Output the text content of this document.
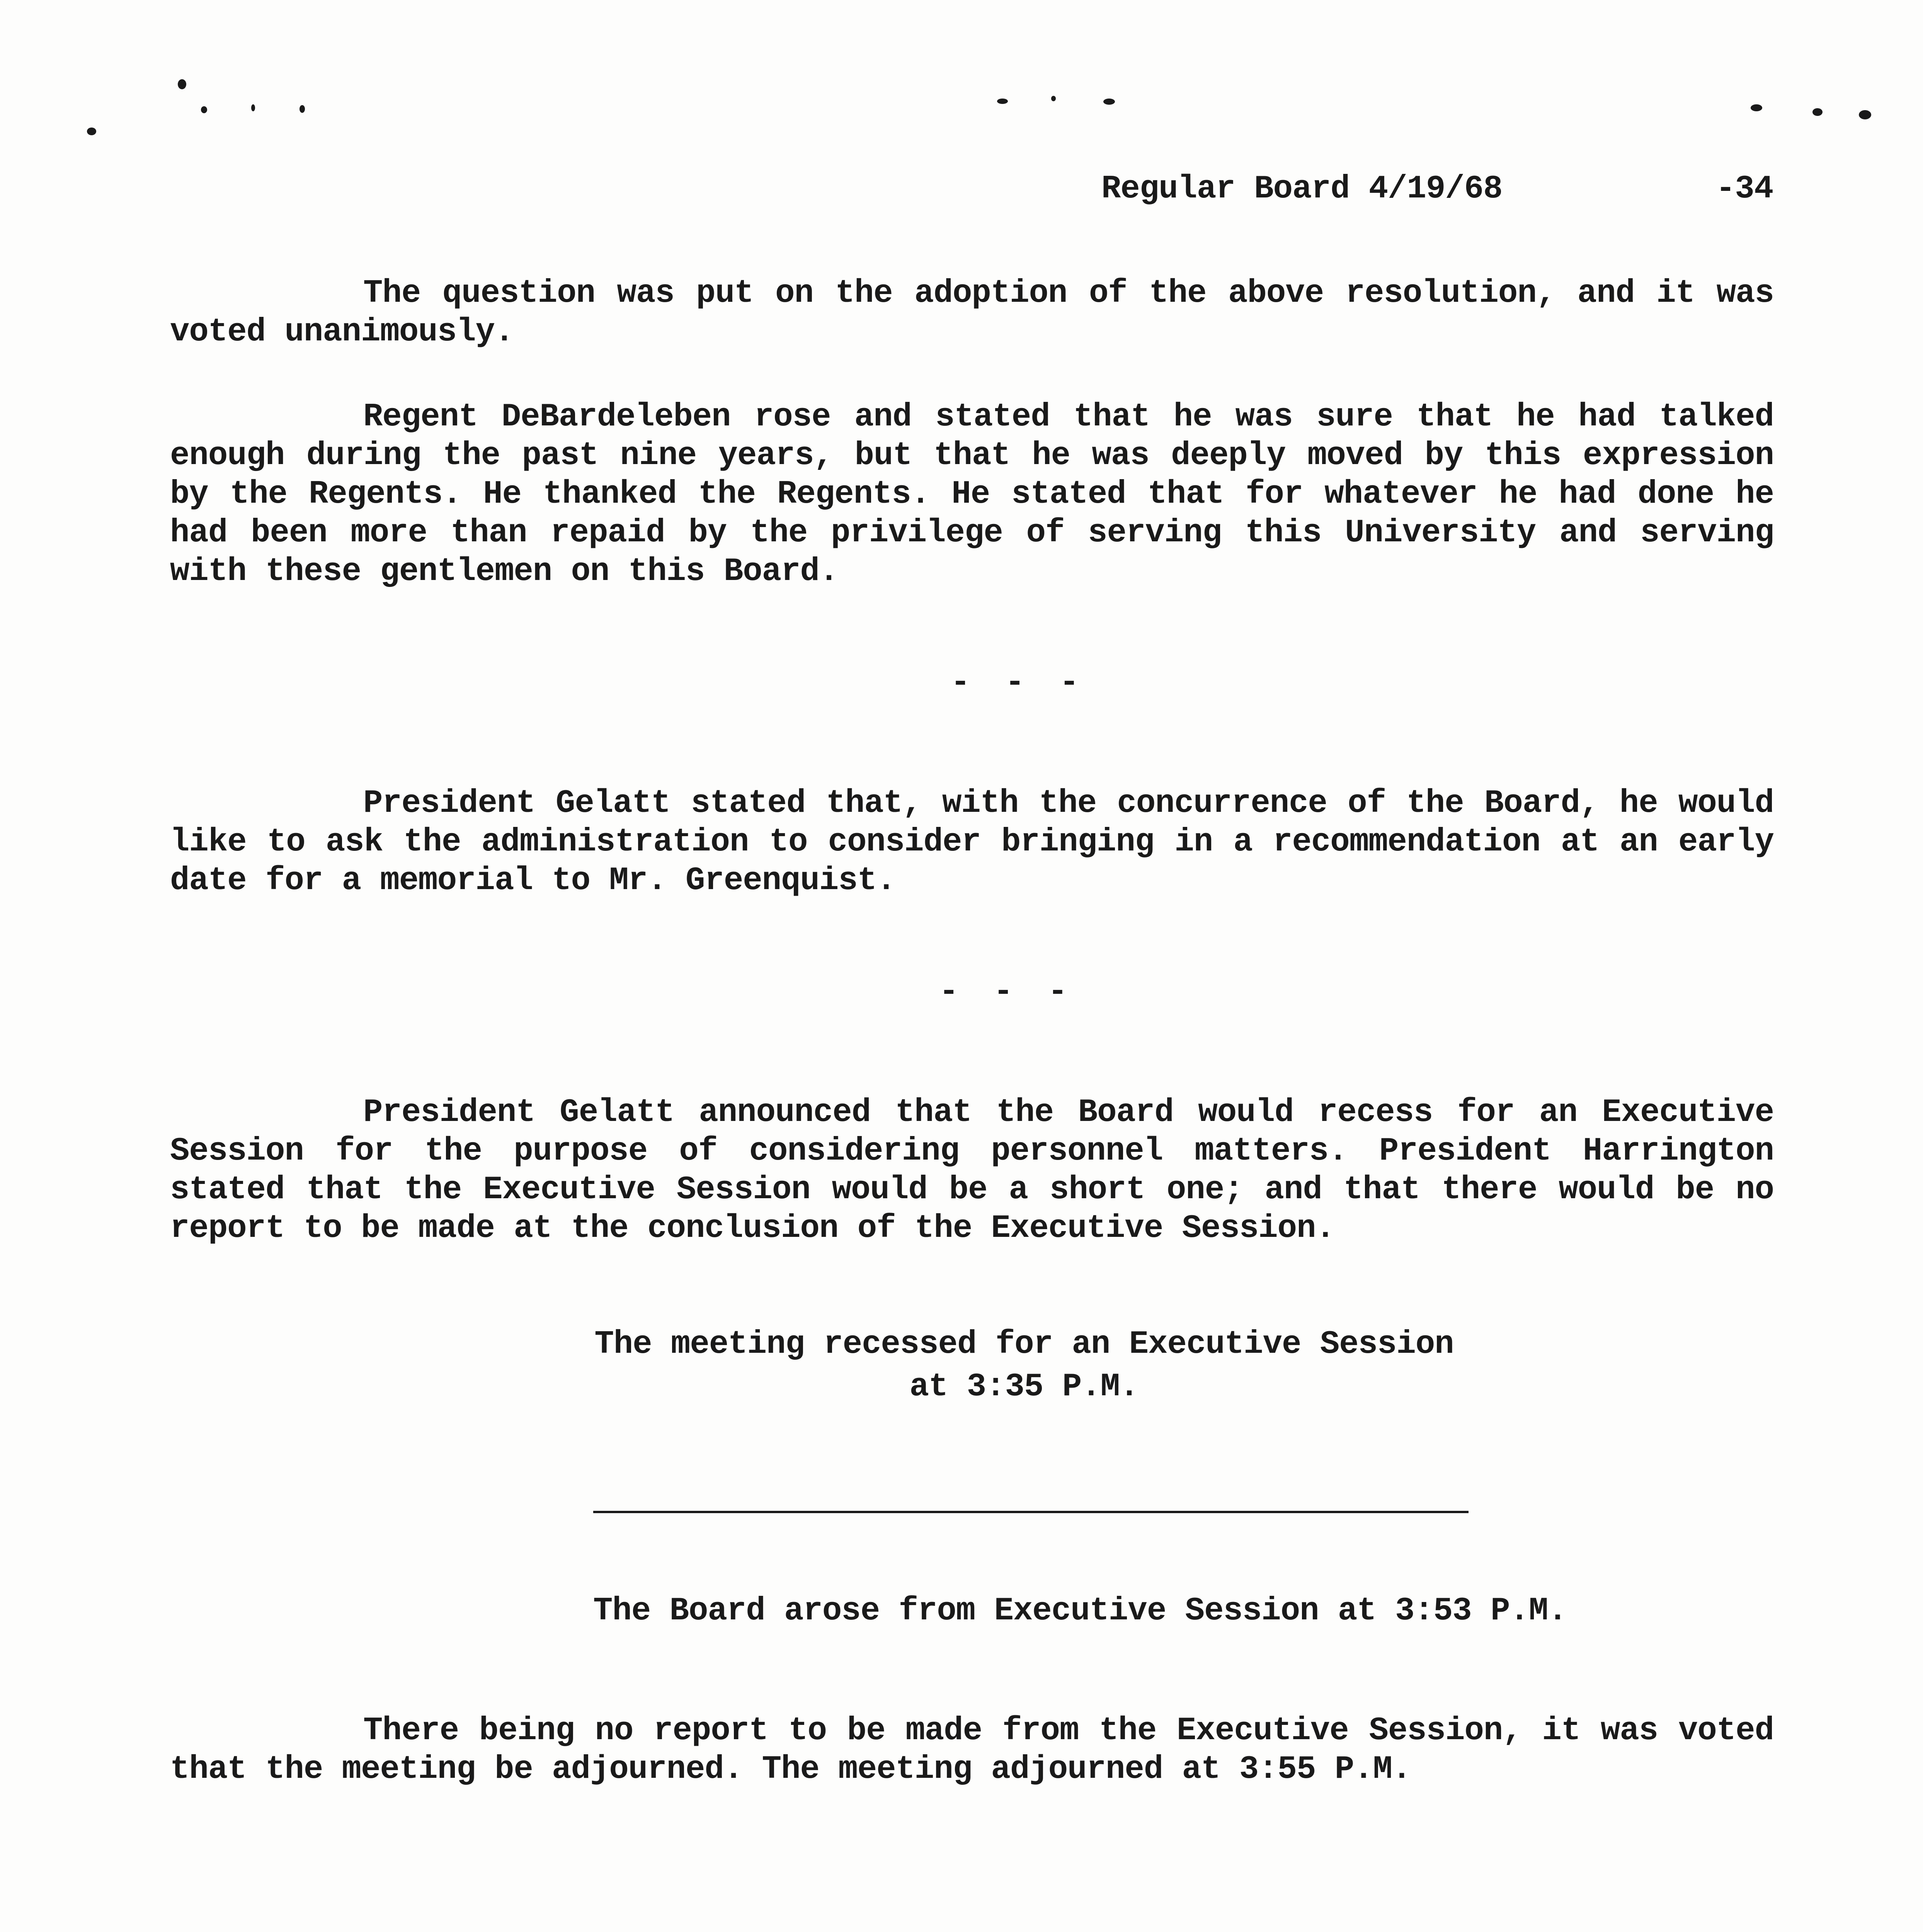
Regular Board 4/19/68	-34
The question was put on the adoption of the above resolution, and it was voted unanimously.
Regent DeBardeleben rose and stated that he was sure that he had talked enough during the past nine years, but that he was deeply moved by this expression by the Regents. He thanked the Regents. He stated that for whatever he had done he had been more than repaid by the privilege of serving this University and serving with these gentlemen on this Board.
- - -
President Gelatt stated that, with the concurrence of the Board, he would like to ask the administration to consider bringing in a recommendation at an early date for a memorial to Mr. Greenquist.
- - -
President Gelatt announced that the Board would recess for an Executive Session for the purpose of considering personnel matters. President Harrington stated that the Executive Session would be a short one; and that there would be no report to be made at the conclusion of the Executive Session.
The meeting recessed for an Executive Session
at 3:35 P.M.
The Board arose from Executive Session at 3:53 P.M.
There being no report to be made from the Executive Session, it was voted that the meeting be adjourned. The meeting adjourned at 3:55 P.M.
